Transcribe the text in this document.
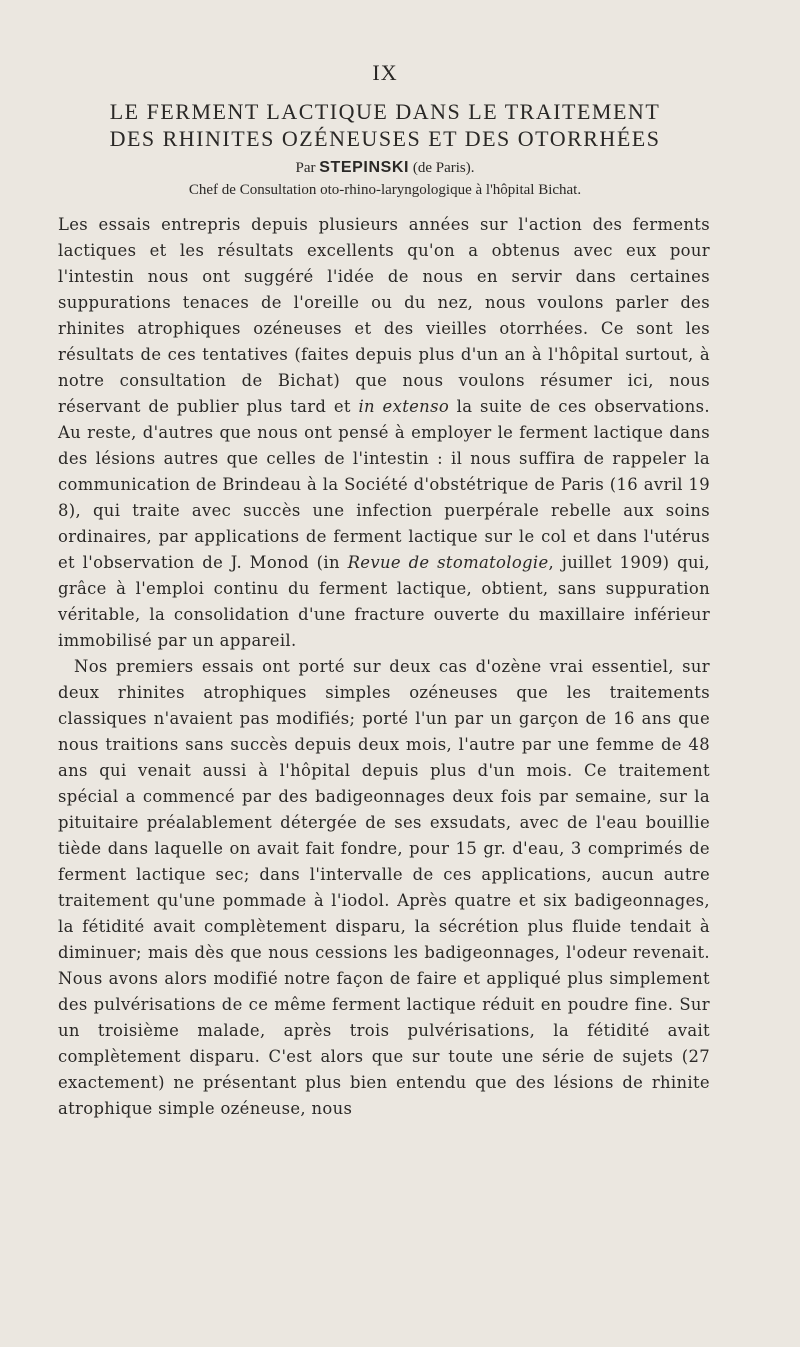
IX
LE FERMENT LACTIQUE DANS LE TRAITEMENT
DES RHINITES OZÉNEUSES ET DES OTORRHÉES
Par STEPINSKI (de Paris).
Chef de Consultation oto-rhino-laryngologique à l'hôpital Bichat.

Les essais entrepris depuis plusieurs années sur l'action des ferments lactiques et les résultats excellents qu'on a obtenus avec eux pour l'intestin nous ont suggéré l'idée de nous en servir dans certaines suppurations tenaces de l'oreille ou du nez, nous voulons parler des rhinites atrophiques ozéneuses et des vieilles otorrhées. Ce sont les résultats de ces tentatives (faites depuis plus d'un an à l'hôpital surtout, à notre consultation de Bichat) que nous voulons résumer ici, nous réservant de publier plus tard et in extenso la suite de ces observations. Au reste, d'autres que nous ont pensé à employer le ferment lactique dans des lésions autres que celles de l'intestin : il nous suffira de rappeler la communication de Brindeau à la Société d'obstétrique de Paris (16 avril 19 8), qui traite avec succès une infection puerpérale rebelle aux soins ordinaires, par applications de ferment lactique sur le col et dans l'utérus et l'observation de J. Monod (in Revue de stomatologie, juillet 1909) qui, grâce à l'emploi continu du ferment lactique, obtient, sans suppuration véritable, la consolidation d'une fracture ouverte du maxillaire inférieur immobilisé par un appareil.

Nos premiers essais ont porté sur deux cas d'ozène vrai essentiel, sur deux rhinites atrophiques simples ozéneuses que les traitements classiques n'avaient pas modifiés; porté l'un par un garçon de 16 ans que nous traitions sans succès depuis deux mois, l'autre par une femme de 48 ans qui venait aussi à l'hôpital depuis plus d'un mois. Ce traitement spécial a commencé par des badigeonnages deux fois par semaine, sur la pituitaire préalablement détergée de ses exsudats, avec de l'eau bouillie tiède dans laquelle on avait fait fondre, pour 15 gr. d'eau, 3 comprimés de ferment lactique sec; dans l'intervalle de ces applications, aucun autre traitement qu'une pommade à l'iodol. Après quatre et six badigeonnages, la fétidité avait complètement disparu, la sécrétion plus fluide tendait à diminuer; mais dès que nous cessions les badigeonnages, l'odeur revenait. Nous avons alors modifié notre façon de faire et appliqué plus simplement des pulvérisations de ce même ferment lactique réduit en poudre fine. Sur un troisième malade, après trois pulvérisations, la fétidité avait complètement disparu. C'est alors que sur toute une série de sujets (27 exactement) ne présentant plus bien entendu que des lésions de rhinite atrophique simple ozéneuse, nous
